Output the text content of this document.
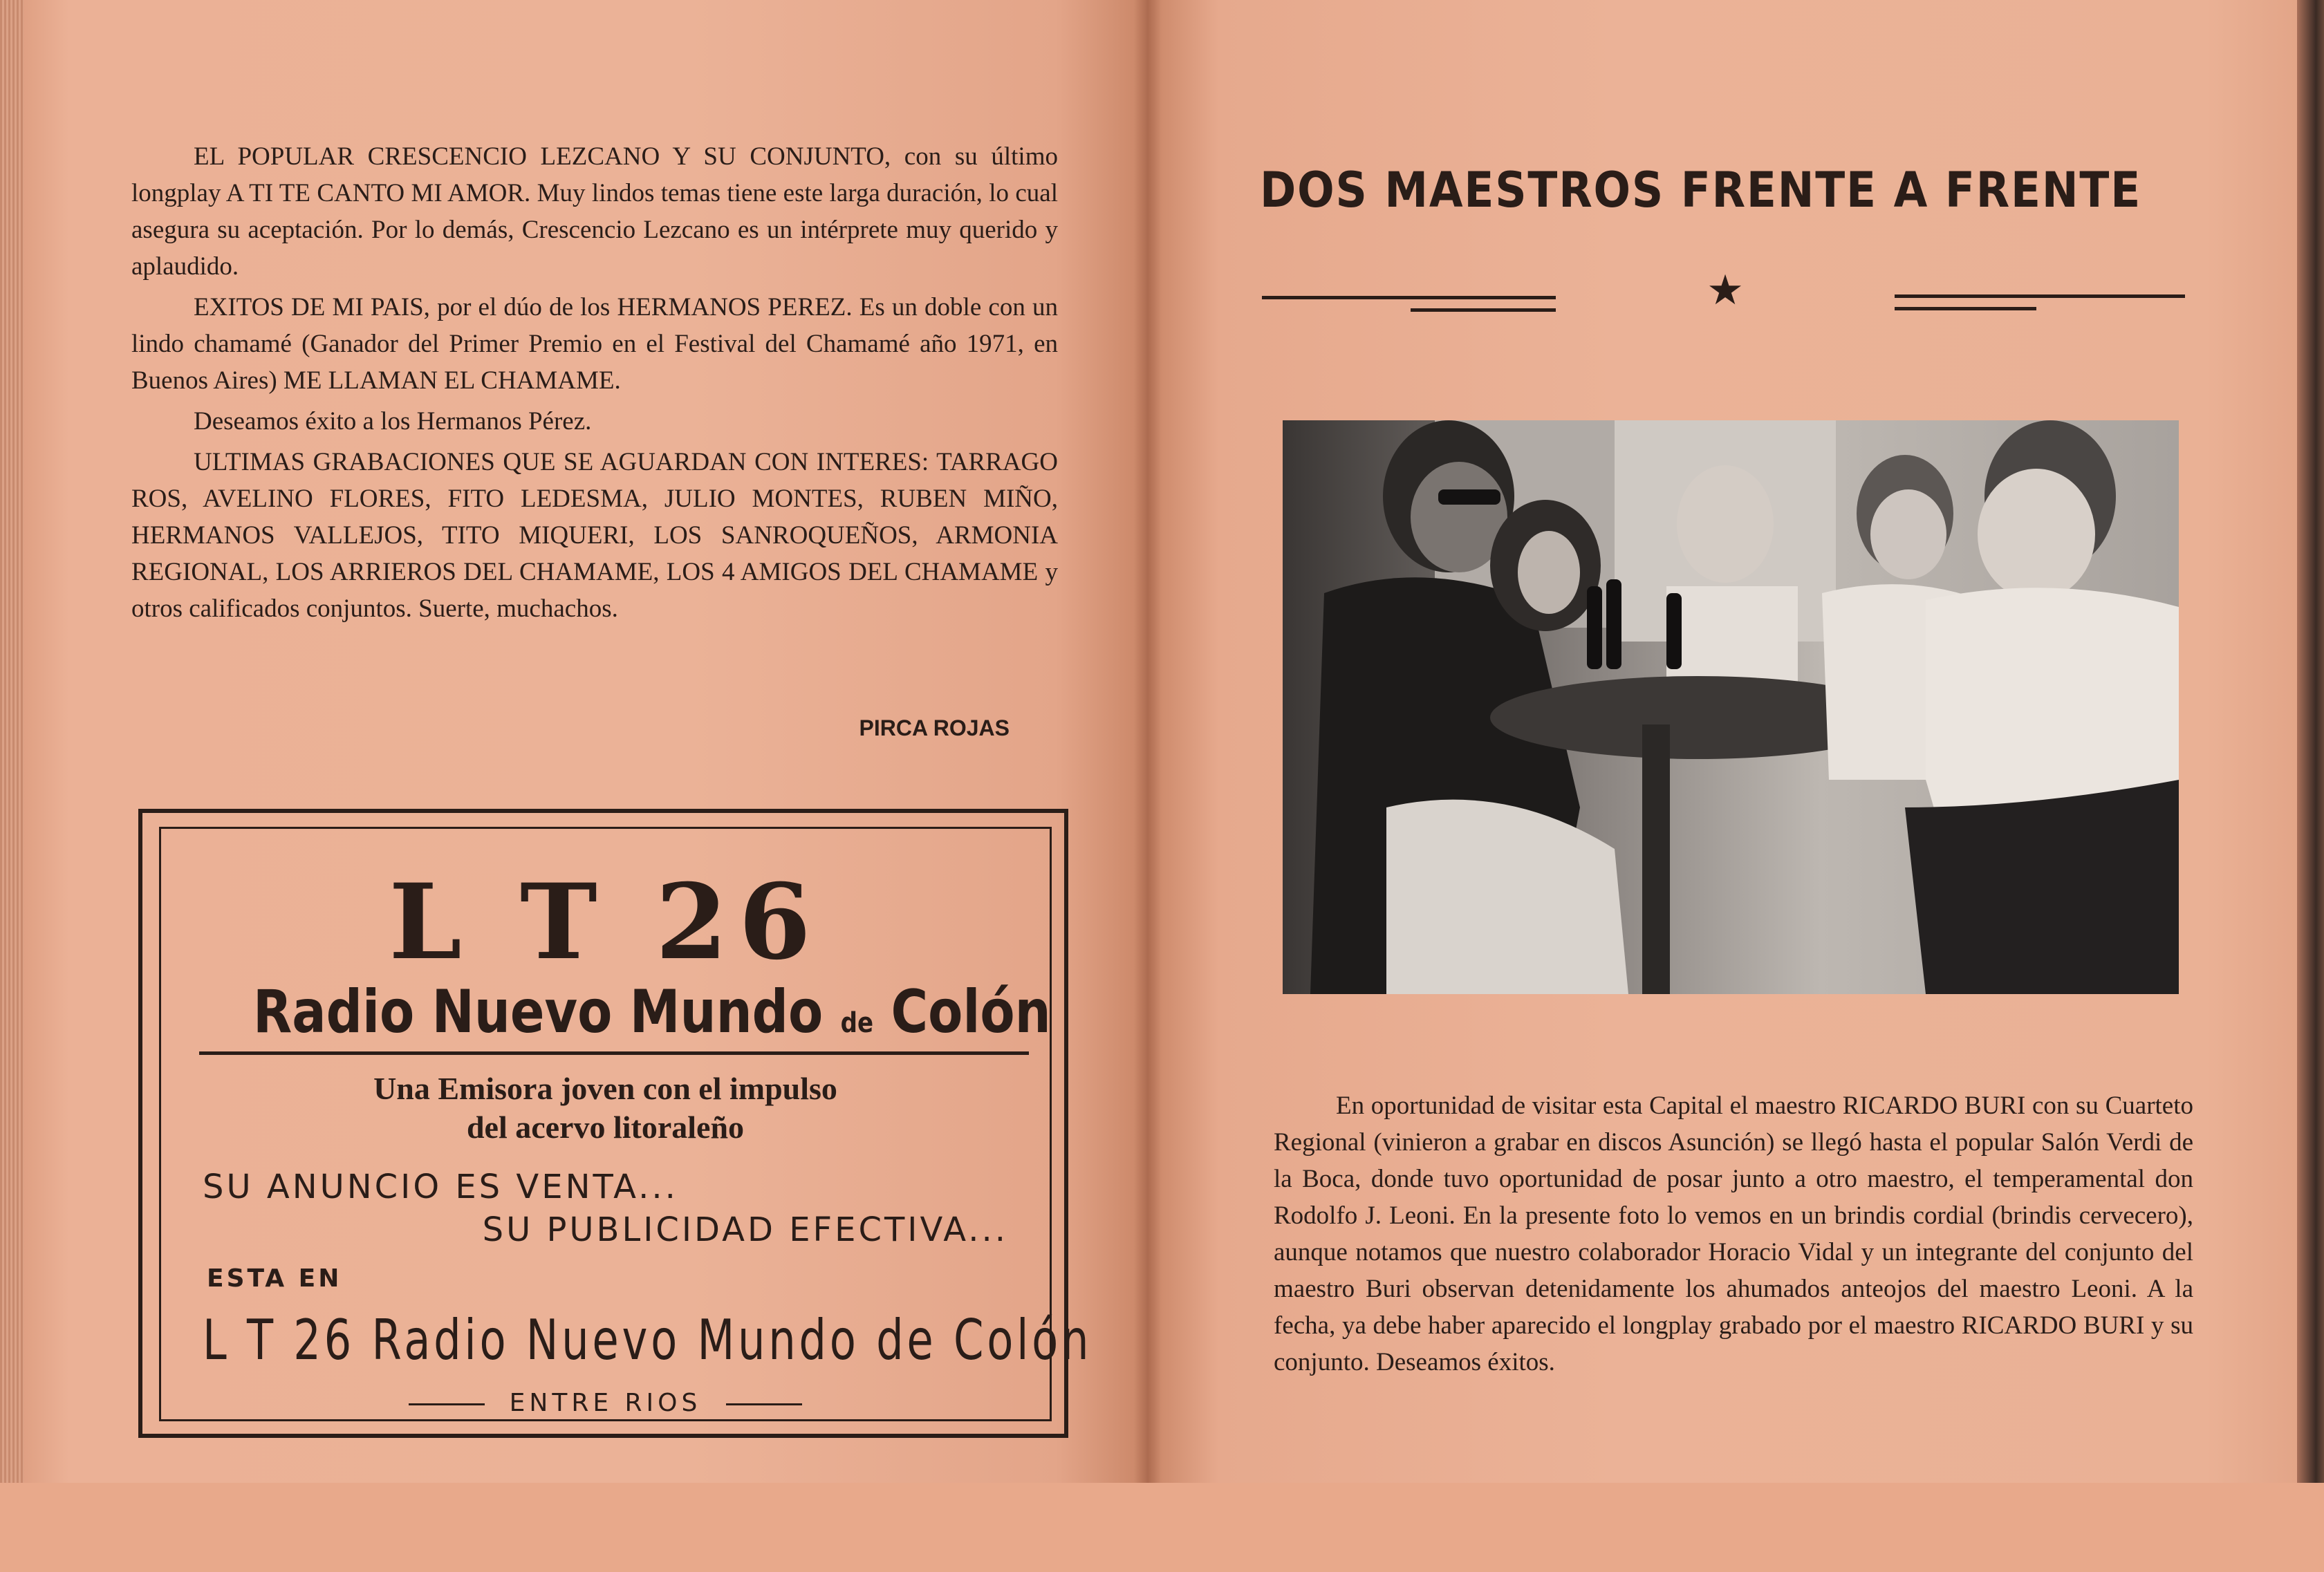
EL POPULAR CRESCENCIO LEZCANO Y SU CONJUNTO, con su último longplay A TI TE CANTO MI AMOR. Muy lindos temas tiene este larga duración, lo cual asegura su aceptación. Por lo demás, Crescencio Lezcano es un intérprete muy querido y aplaudido.

EXITOS DE MI PAIS, por el dúo de los HERMANOS PEREZ. Es un doble con un lindo chamamé (Ganador del Primer Premio en el Festival del Chamamé año 1971, en Buenos Aires) ME LLAMAN EL CHAMAME.

Deseamos éxito a los Hermanos Pérez.

ULTIMAS GRABACIONES QUE SE AGUARDAN CON INTERES: TARRAGO ROS, AVELINO FLORES, FITO LEDESMA, JULIO MONTES, RUBEN MIÑO, HERMANOS VALLEJOS, TITO MIQUERI, LOS SANROQUEÑOS, ARMONIA REGIONAL, LOS ARRIEROS DEL CHAMAME, LOS 4 AMIGOS DEL CHAMAME y otros calificados conjuntos. Suerte, muchachos.

PIRCA ROJAS
L T 26
Radio Nuevo Mundo de Colón
Una Emisora joven con el impulso
del acervo litoraleño
SU ANUNCIO ES VENTA...
SU PUBLICIDAD EFECTIVA...
ESTA EN
L T 26 Radio Nuevo Mundo de Colón
ENTRE RIOS
DOS MAESTROS FRENTE A FRENTE
★

En oportunidad de visitar esta Capital el maestro RICARDO BURI con su Cuarteto Regional (vinieron a grabar en discos Asunción) se llegó hasta el popular Salón Verdi de la Boca, donde tuvo oportunidad de posar junto a otro maestro, el temperamental don Rodolfo J. Leoni. En la presente foto lo vemos en un brindis cordial (brindis cervecero), aunque notamos que nuestro colaborador Horacio Vidal y un integrante del conjunto del maestro Buri observan detenidamente los ahumados anteojos del maestro Leoni. A la fecha, ya debe haber aparecido el longplay grabado por el maestro RICARDO BURI y su conjunto. Deseamos éxitos.
